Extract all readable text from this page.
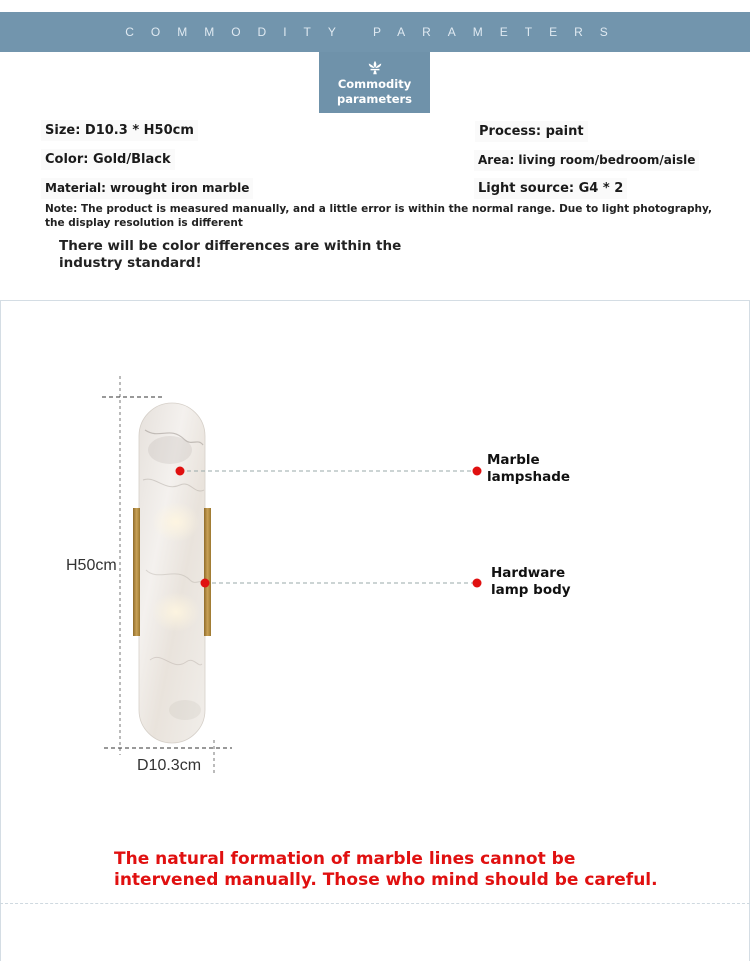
COMMODITY PARAMETERS
Commodity
parameters
Size: D10.3 * H50cm
Color: Gold/Black
Material: wrought iron marble
Process: paint
Area: living room/bedroom/aisle
Light source: G4 * 2
Note: The product is measured manually, and a little error is within the normal range. Due to light photography, the display resolution is different
There will be color differences are within the industry standard!
H50cm
D10.3cm
Marble
lampshade
Hardware
lamp body
The natural formation of marble lines cannot be intervened manually. Those who mind should be careful.
